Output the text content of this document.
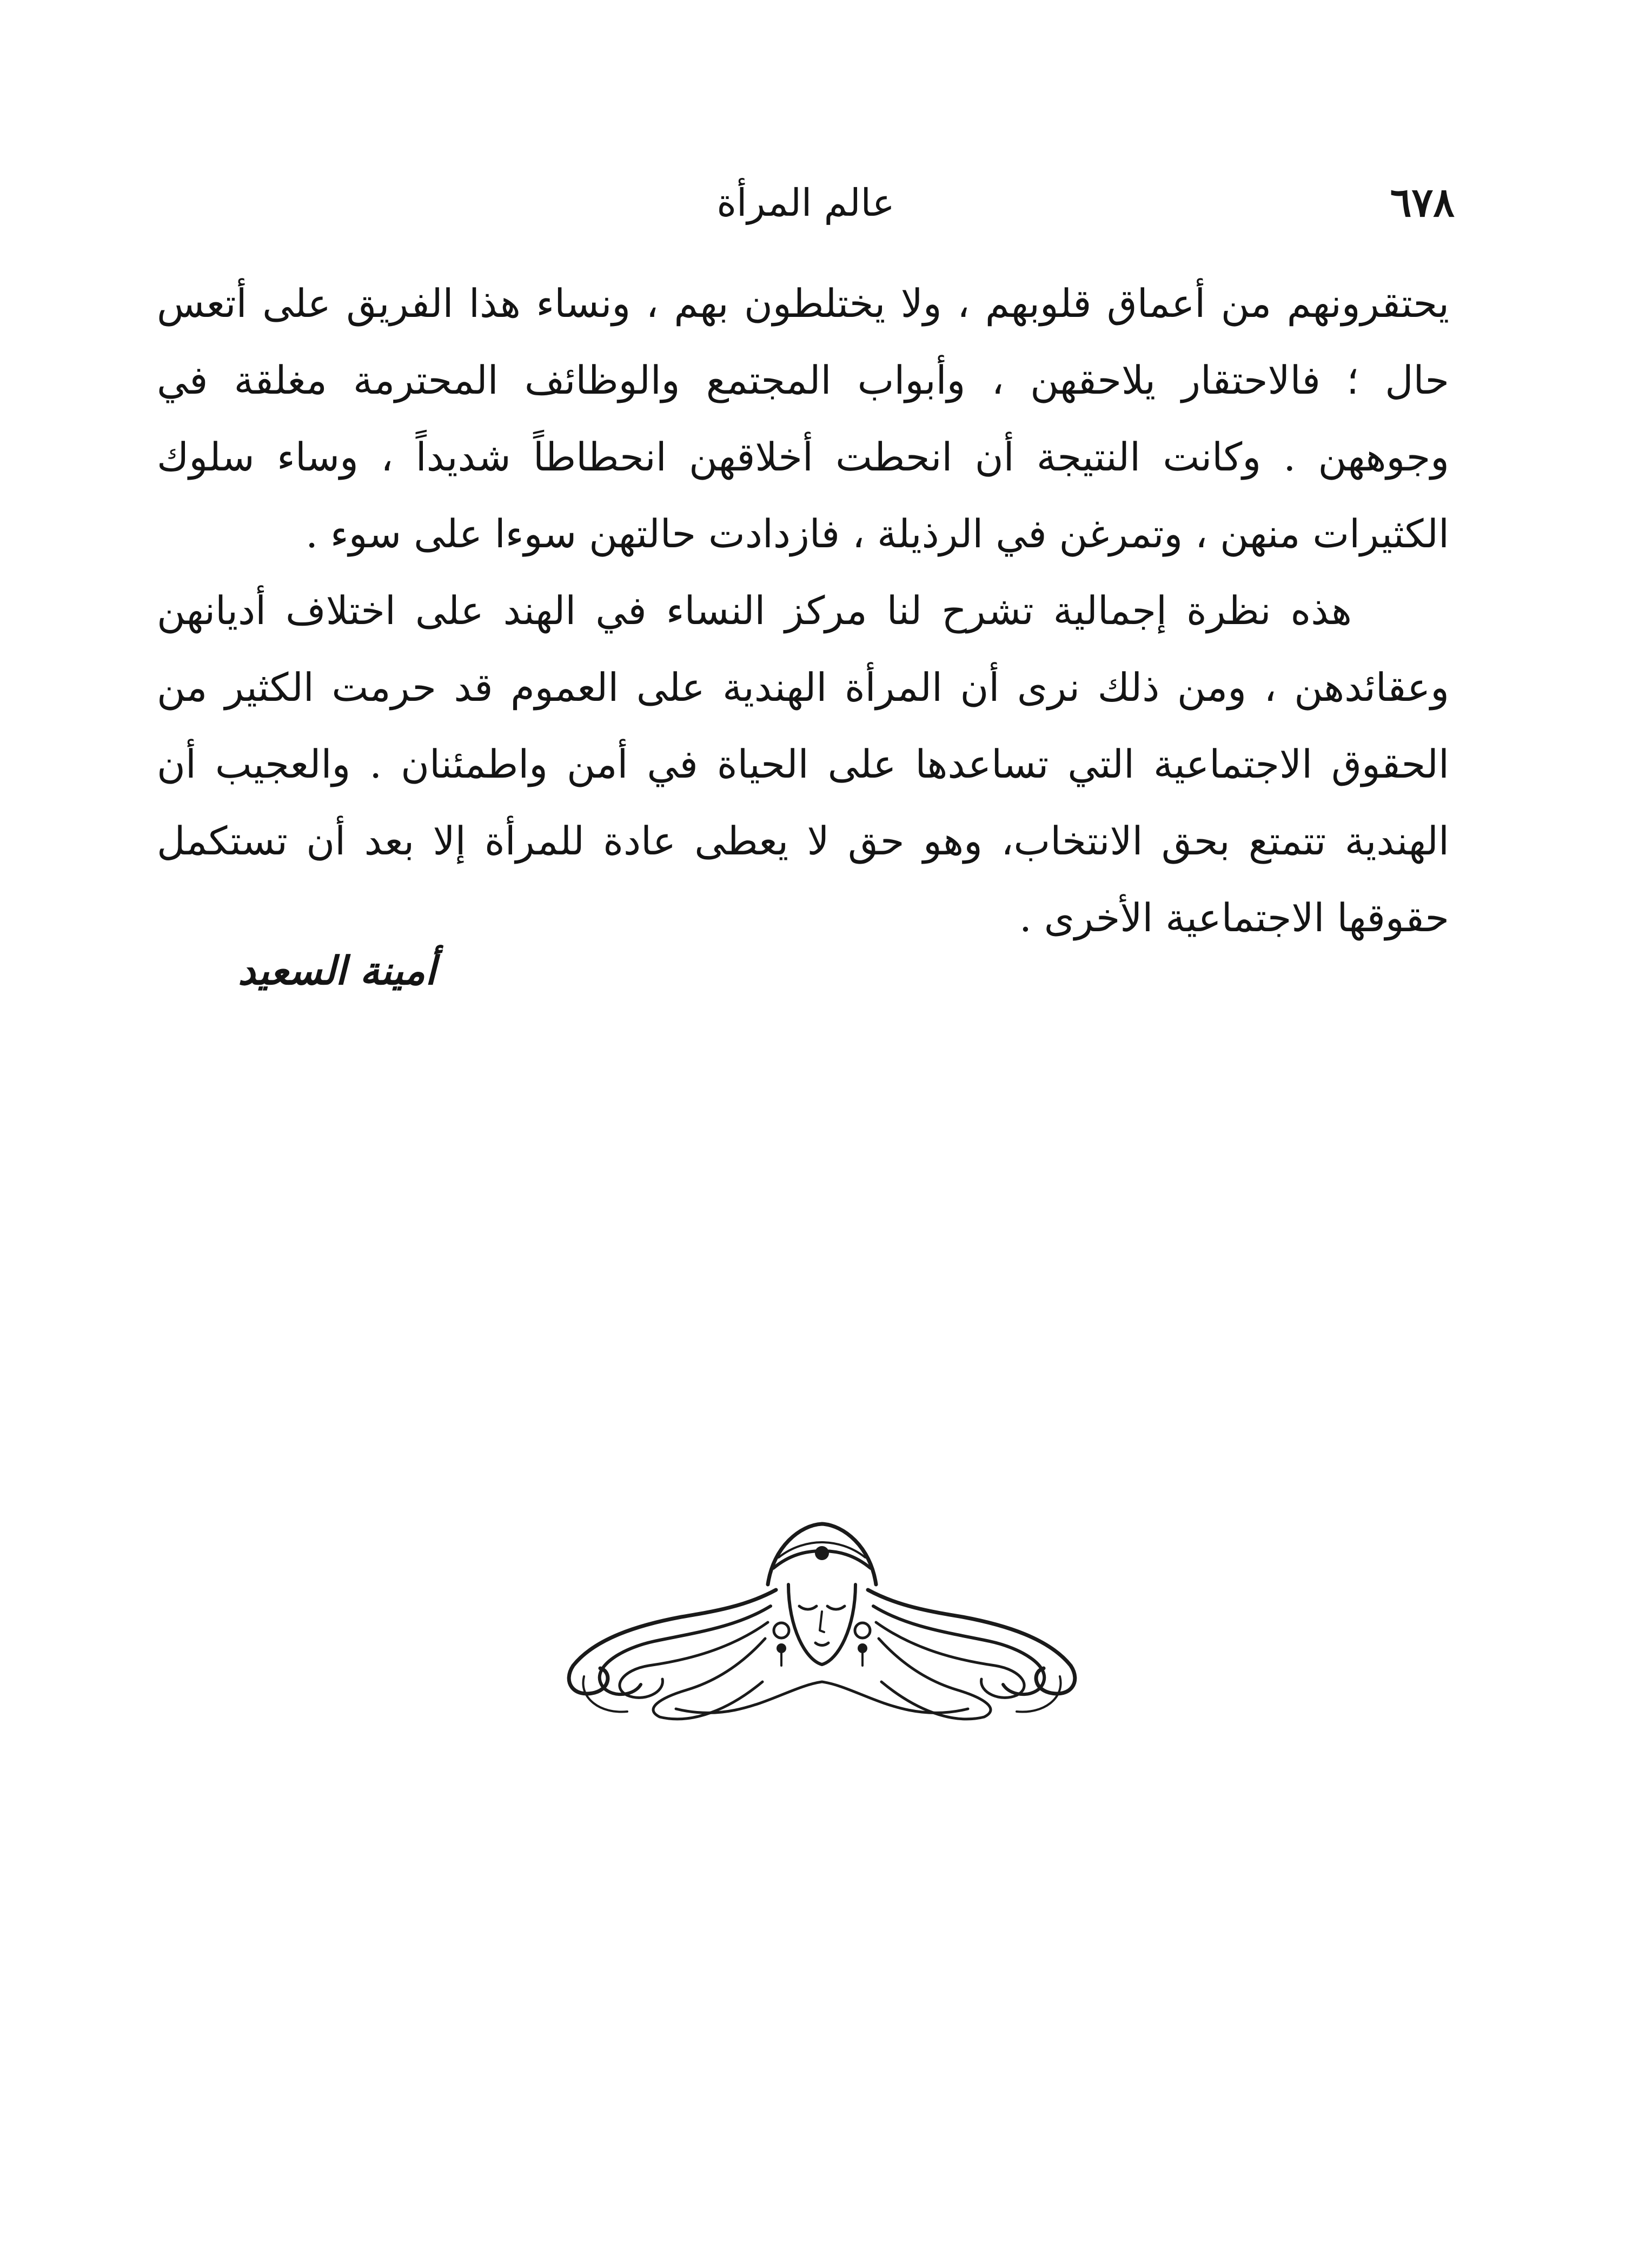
٦٧٨
عالم المرأة

يحتقرونهم من أعماق قلوبهم ، ولا يختلطون بهم ، ونساء هذا الفريق على أتعس حال ؛ فالاحتقار يلاحقهن ، وأبواب المجتمع والوظائف المحترمة مغلقة في وجوههن . وكانت النتيجة أن انحطت أخلاقهن انحطاطاً شديداً ، وساء سلوك الكثيرات منهن ، وتمرغن في الرذيلة ، فازدادت حالتهن سوءا على سوء .

هذه نظرة إجمالية تشرح لنا مركز النساء في الهند على اختلاف أديانهن وعقائدهن ، ومن ذلك نرى أن المرأة الهندية على العموم قد حرمت الكثير من الحقوق الاجتماعية التي تساعدها على الحياة في أمن واطمئنان . والعجيب أن الهندية تتمتع بحق الانتخاب، وهو حق لا يعطى عادة للمرأة إلا بعد أن تستكمل حقوقها الاجتماعية الأخرى .

أمينة السعيد
